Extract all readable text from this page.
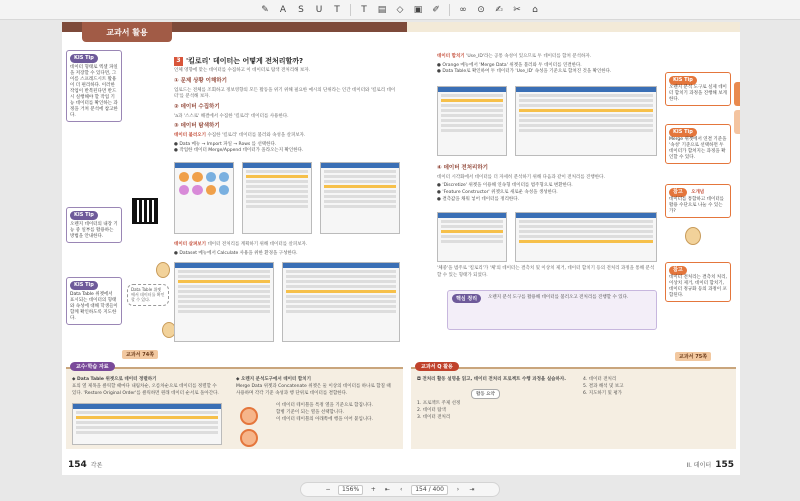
✎	A	S	U	T	T	▤	◇	▣	✐	∞	⊙	✍	✂	⌂
교과서 활용
KIS Tip
데이터 형태로 엑셀 파일을 저장할 수 있다면, 그 이름 스프레드시트 활용이 더 편리하다. 이러한 작업이 반복된다면 반드시 실행해야 할 작업 기능 데이터를 확인하는 과정을 거쳐 분석에 참고한다.
KIS Tip
오렌지 데이터의 내장 기능 중 일부를 활용하는 방법을 안내한다.
KIS Tip
Data Table 위젯에서 표시되는 데이터의 형태와 속성에 대해 학생들이 함께 확인하도록 지도한다.
Data Table 위젯에서 데이터를 확인할 수 있다.
3 '킬로리' 데이터는 어떻게 전처리할까?
인체 영향에 맞는 데이터를 수집하고 이 데이터로 탐색 전처리해 보자.
① 문제 상황 이해하기
업로드는 전체를 조회하고 정보영향의 모든 활동을 위기 위해 필요한 예시의 단위라는 인간 데이터와 '킬로리 데이터'를 분석해 보자.
② 데이터 수집하기
'a과 '스스로' 해결에서 수집한 '킬로리' 데이터를 사용한다.
③ 데이터 탐색하기
데이터 불러오기 수집한 '킬로리' 데이터를 불러와 속성을 살펴보자.
● Data 메뉴 → Import 파일 → Rows 를 선택한다.
● 작업한 데이터 Merge/Append 데이터가 올라오는지 확인한다.
데이터 살펴보기 데이터 전처리를 계획하기 위해 데이터를 살펴보자.
● Dataset 메뉴에서 Calculate 사용을 위한 환경을 구성한다.
교과서 74쪽
교수·학습 자료
◆ Data Table 위젯으로 데이터 정렬하기
표의 열 제목을 클릭할 때마다 내림차순, 오름차순으로 데이터를 정렬할 수 있다. 'Restore Original Order'를 클릭하면 원래 데이터 순서로 돌아간다.
◆ 오렌지 분석도구에서 데이터 합치기
Merge Data 위젯과 Concatenate 위젯은 둘 이상의 데이터를 하나로 합칠 때 사용하며 각각 기준 속성과 행 단위로 데이터를 결합한다.
이 데이터 테이블을 특정 열을 기준으로 합칩니다.
합병 기준이 되는 열을 선택합니다.
이 데이터 테이블의 아래쪽에 행을 이어 붙입니다.
154 각론
데이터 합치기 'Use_ID'라는 공통 속성이 있으므로 두 데이터를 합쳐 분석하자.
● Orange 메뉴에서 'Merge Data' 위젯을 불러와 두 데이터를 연결한다.
● Data Table로 확인하여 두 데이터가 'Use_ID' 속성을 기준으로 합쳐진 것을 확인한다.
④ 데이터 전처리하기
데이터 시각화에서 데이터를 더 자세히 분석하기 위해 다음과 같이 전처리를 진행한다.
● 'Discretize' 위젯을 이용해 연속형 데이터를 범주형으로 변환한다.
● 'Feature Constructor' 위젯으로 새로운 속성을 생성한다.
● 결측값을 채워 넣어 데이터를 정리한다.
'체중'을 범주로 '킬로리'가 '체'의 데이터는 결측치 및 이상치 제거, 데이터 합치기 등의 전처리 과정을 통해 분석할 수 있는 형태가 되었다.
핵심 정리	오렌지 분석 도구를 활용해 데이터를 불러오고 전처리를 진행할 수 있다.
KIS Tip
오렌지 분석 도구로 실제 데이터 합치기 과정을 진행해 보게 한다.
KIS Tip
Merge 위젯에서 연결 기준을 '속성' 기준으로 선택하면 두 데이터가 합쳐지는 과정을 확인할 수 있다.
참고 오개념
데이터를 통합하고 데이터를 활용 수단으로 나눌 수 있는가?
참고
데이터 전처리는 결측치 처리, 이상치 제거, 데이터 합치기, 데이터 정규화 등의 과정이 포함된다.
교과서 75쪽
교과서 Q 활용
◘ 전처리 활동 설명을 읽고, 데이터 전처리 프로젝트 수행 과정을 실습하자.
활동 요약
1. 프로젝트 주제 선정
2. 데이터 탐색
3. 데이터 전처리
4. 데이터 전처리
5. 결과 해석 및 보고
6. 지도하기 및 평가
II. 데이터 155
−	156%	+ ⇤	‹	154 / 400	›	⇥
